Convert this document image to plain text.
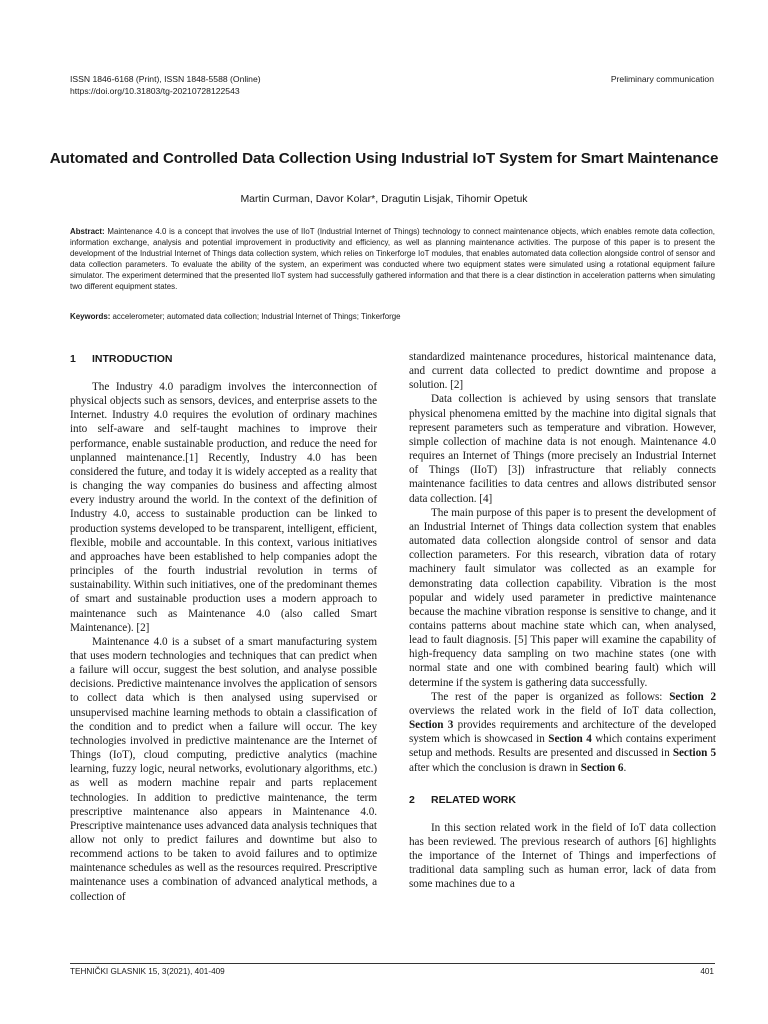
ISSN 1846-6168 (Print), ISSN 1848-5588 (Online)
https://doi.org/10.31803/tg-20210728122543
Preliminary communication
Automated and Controlled Data Collection Using Industrial IoT System for Smart Maintenance
Martin Curman, Davor Kolar*, Dragutin Lisjak, Tihomir Opetuk
Abstract: Maintenance 4.0 is a concept that involves the use of IIoT (Industrial Internet of Things) technology to connect maintenance objects, which enables remote data collection, information exchange, analysis and potential improvement in productivity and efficiency, as well as planning maintenance activities. The purpose of this paper is to present the development of the Industrial Internet of Things data collection system, which relies on Tinkerforge IoT modules, that enables automated data collection alongside control of sensor and data collection parameters. To evaluate the ability of the system, an experiment was conducted where two equipment states were simulated using a rotational equipment failure simulator. The experiment determined that the presented IIoT system had successfully gathered information and that there is a clear distinction in acceleration patterns when simulating two different equipment states.
Keywords: accelerometer; automated data collection; Industrial Internet of Things; Tinkerforge
1 INTRODUCTION

The Industry 4.0 paradigm involves the interconnection of physical objects such as sensors, devices, and enterprise assets to the Internet. Industry 4.0 requires the evolution of ordinary machines into self-aware and self-taught machines to improve their performance, enable sustainable production, and reduce the need for unplanned maintenance.[1] Recently, Industry 4.0 has been considered the future, and today it is widely accepted as a reality that is changing the way companies do business and affecting almost every industry around the world. In the context of the definition of Industry 4.0, access to sustainable production can be linked to production systems developed to be transparent, intelligent, efficient, flexible, mobile and accountable. In this context, various initiatives and approaches have been established to help companies adopt the principles of the fourth industrial revolution in terms of sustainability. Within such initiatives, one of the predominant themes of smart and sustainable production uses a modern approach to maintenance such as Maintenance 4.0 (also called Smart Maintenance). [2]

Maintenance 4.0 is a subset of a smart manufacturing system that uses modern technologies and techniques that can predict when a failure will occur, suggest the best solution, and analyse possible decisions. Predictive maintenance involves the application of sensors to collect data which is then analysed using supervised or unsupervised machine learning methods to obtain a classification of the condition and to predict when a failure will occur. The key technologies involved in predictive maintenance are the Internet of Things (IoT), cloud computing, predictive analytics (machine learning, fuzzy logic, neural networks, evolutionary algorithms, etc.) as well as modern machine repair and parts replacement technologies. In addition to predictive maintenance, the term prescriptive maintenance also appears in Maintenance 4.0. Prescriptive maintenance uses advanced data analysis techniques that allow not only to predict failures and downtime but also to recommend actions to be taken to avoid failures and to optimize maintenance schedules as well as the resources required. Prescriptive maintenance uses a combination of advanced analytical methods, a collection of

standardized maintenance procedures, historical maintenance data, and current data collected to predict downtime and propose a solution. [2]

Data collection is achieved by using sensors that translate physical phenomena emitted by the machine into digital signals that represent parameters such as temperature and vibration. However, simple collection of machine data is not enough. Maintenance 4.0 requires an Internet of Things (more precisely an Industrial Internet of Things (IIoT) [3]) infrastructure that reliably connects maintenance facilities to data centres and allows distributed sensor data collection. [4]

The main purpose of this paper is to present the development of an Industrial Internet of Things data collection system that enables automated data collection alongside control of sensor and data collection parameters. For this research, vibration data of rotary machinery fault simulator was collected as an example for demonstrating data collection capability. Vibration is the most popular and widely used parameter in predictive maintenance because the machine vibration response is sensitive to change, and it contains patterns about machine state which can, when analysed, lead to fault diagnosis. [5] This paper will examine the capability of high-frequency data sampling on two machine states (one with normal state and one with combined bearing fault) which will determine if the system is gathering data successfully.

The rest of the paper is organized as follows: Section 2 overviews the related work in the field of IoT data collection, Section 3 provides requirements and architecture of the developed system which is showcased in Section 4 which contains experiment setup and methods. Results are presented and discussed in Section 5 after which the conclusion is drawn in Section 6.

2 RELATED WORK

In this section related work in the field of IoT data collection has been reviewed. The previous research of authors [6] highlights the importance of the Internet of Things and imperfections of traditional data sampling such as human error, lack of data from some machines due to a

TEHNIČKI GLASNIK 15, 3(2021), 401-409	401
